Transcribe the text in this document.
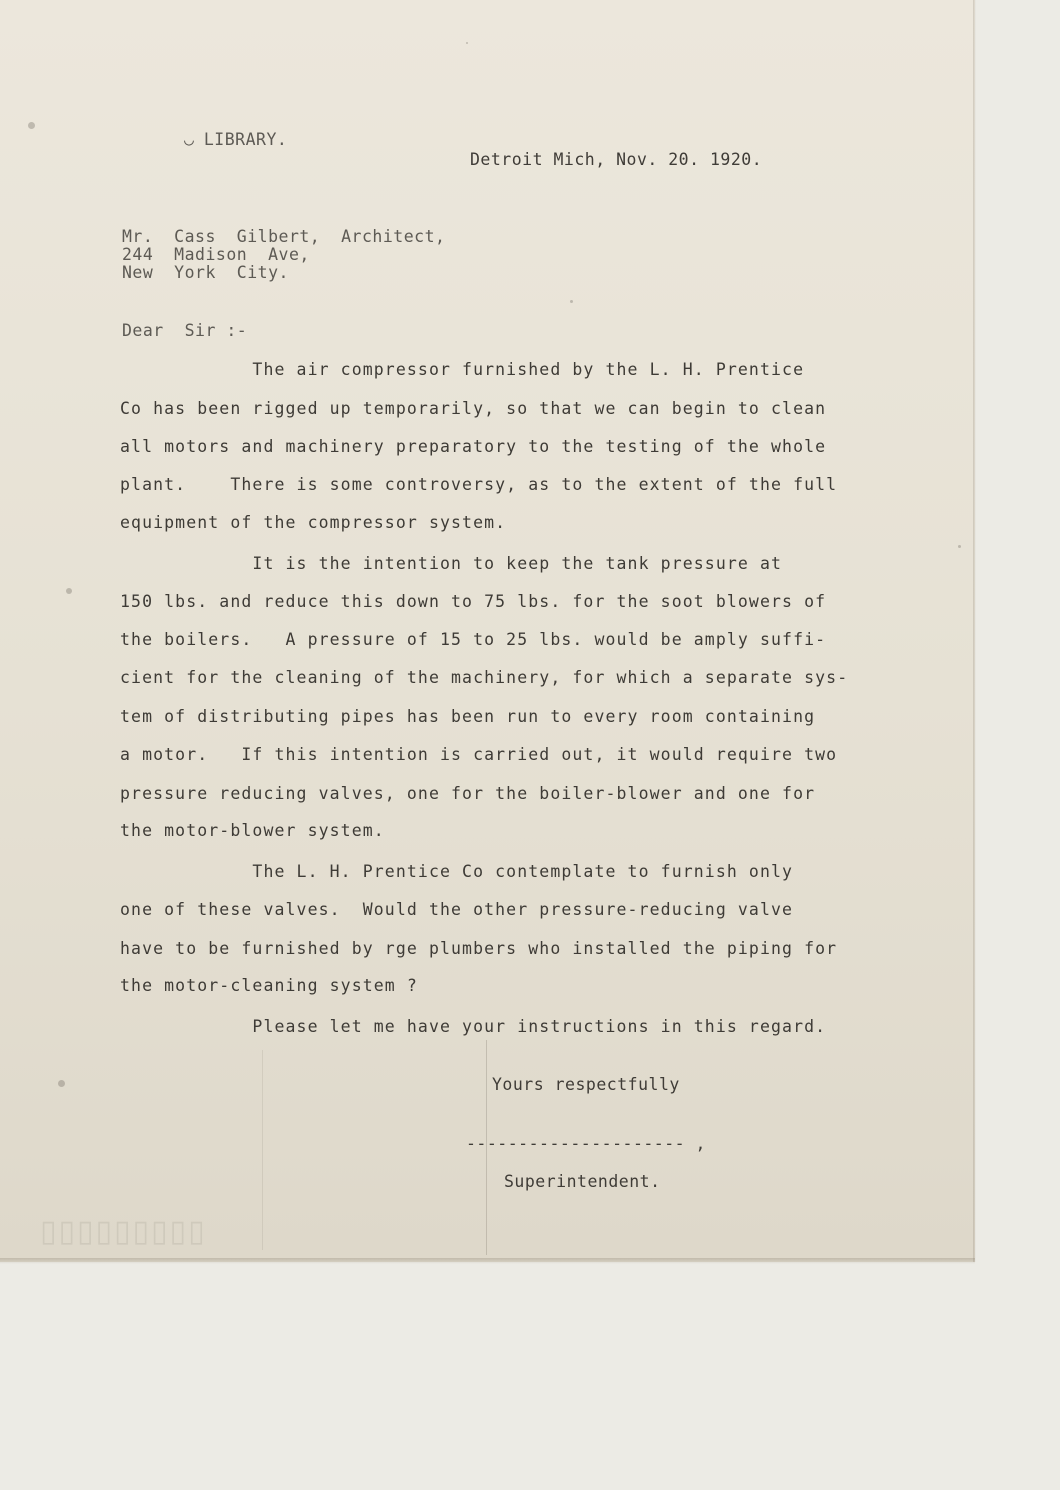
◡ LIBRARY.

Detroit Mich, Nov. 20. 1920.

Mr.  Cass  Gilbert,  Architect,

244  Madison  Ave,

New  York  City.

Dear  Sir :-

The air compressor furnished by the L. H. Prentice

Co has been rigged up temporarily, so that we can begin to clean

all motors and machinery preparatory to the testing of the whole

plant.    There is some controversy, as to the extent of the full

equipment of the compressor system.

It is the intention to keep the tank pressure at

150 lbs. and reduce this down to 75 lbs. for the soot blowers of

the boilers.   A pressure of 15 to 25 lbs. would be amply suffi-

cient for the cleaning of the machinery, for which a separate sys-

tem of distributing pipes has been run to every room containing

a motor.   If this intention is carried out, it would require two

pressure reducing valves, one for the boiler-blower and one for

the motor-blower system.

The L. H. Prentice Co contemplate to furnish only

one of these valves.  Would the other pressure-reducing valve

have to be furnished by rge plumbers who installed the piping for

the motor-cleaning system ?

Please let me have your instructions in this regard.

Yours respectfully

--------------------- ,

Superintendent.

▯▯▯▯▯▯▯▯▯
